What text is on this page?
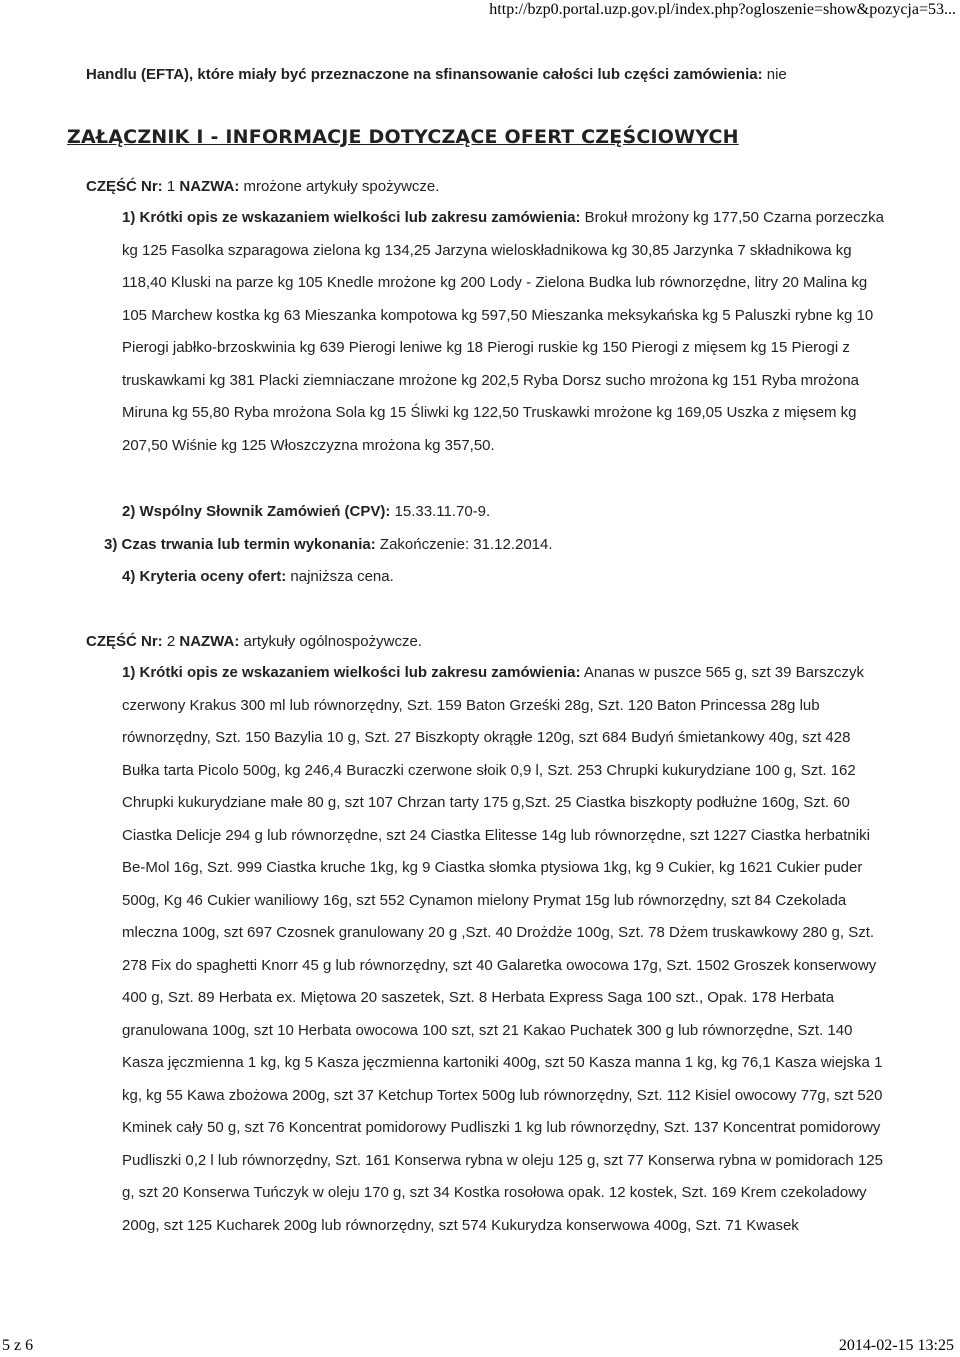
http://bzp0.portal.uzp.gov.pl/index.php?ogloszenie=show&pozycja=53...
Handlu (EFTA), które miały być przeznaczone na sfinansowanie całości lub części zamówienia: nie
ZAŁĄCZNIK I - INFORMACJE DOTYCZĄCE OFERT CZĘŚCIOWYCH
CZĘŚĆ Nr: 1 NAZWA: mrożone artykuły spożywcze.

1) Krótki opis ze wskazaniem wielkości lub zakresu zamówienia: Brokuł mrożony kg 177,50 Czarna porzeczka kg 125 Fasolka szparagowa zielona kg 134,25 Jarzyna wieloskładnikowa kg 30,85 Jarzynka 7 składnikowa kg 118,40 Kluski na parze kg 105 Knedle mrożone kg 200 Lody - Zielona Budka lub równorzędne, litry 20 Malina kg 105 Marchew kostka kg 63 Mieszanka kompotowa kg 597,50 Mieszanka meksykańska kg 5 Paluszki rybne kg 10 Pierogi jabłko-brzoskwinia kg 639 Pierogi leniwe kg 18 Pierogi ruskie kg 150 Pierogi z mięsem kg 15 Pierogi z truskawkami kg 381 Placki ziemniaczane mrożone kg 202,5 Ryba Dorsz sucho mrożona kg 151 Ryba mrożona Miruna kg 55,80 Ryba mrożona Sola kg 15 Śliwki kg 122,50 Truskawki mrożone kg 169,05 Uszka z mięsem kg 207,50 Wiśnie kg 125 Włoszczyzna mrożona kg 357,50.

2) Wspólny Słownik Zamówień (CPV): 15.33.11.70-9.
3) Czas trwania lub termin wykonania: Zakończenie: 31.12.2014.
4) Kryteria oceny ofert: najniższa cena.
CZĘŚĆ Nr: 2 NAZWA: artykuły ogólnospożywcze.

1) Krótki opis ze wskazaniem wielkości lub zakresu zamówienia: Ananas w puszce 565 g, szt 39 Barszczyk czerwony Krakus 300 ml lub równorzędny, Szt. 159 Baton Grześki 28g, Szt. 120 Baton Princessa 28g lub równorzędny, Szt. 150 Bazylia 10 g, Szt. 27 Biszkopty okrągłe 120g, szt 684 Budyń śmietankowy 40g, szt 428 Bułka tarta Picolo 500g, kg 246,4 Buraczki czerwone słoik 0,9 l, Szt. 253 Chrupki kukurydziane 100 g, Szt. 162 Chrupki kukurydziane małe 80 g, szt 107 Chrzan tarty 175 g,Szt. 25 Ciastka biszkopty podłużne 160g, Szt. 60 Ciastka Delicje 294 g lub równorzędne, szt 24 Ciastka Elitesse 14g lub równorzędne, szt 1227 Ciastka herbatniki Be-Mol 16g, Szt. 999 Ciastka kruche 1kg, kg 9 Ciastka słomka ptysiowa 1kg, kg 9 Cukier, kg 1621 Cukier puder 500g, Kg 46 Cukier waniliowy 16g, szt 552 Cynamon mielony Prymat 15g lub równorzędny, szt 84 Czekolada mleczna 100g, szt 697 Czosnek granulowany 20 g ,Szt. 40 Drożdże 100g, Szt. 78 Dżem truskawkowy 280 g, Szt. 278 Fix do spaghetti Knorr 45 g lub równorzędny, szt 40 Galaretka owocowa 17g, Szt. 1502 Groszek konserwowy 400 g, Szt. 89 Herbata ex. Miętowa 20 saszetek, Szt. 8 Herbata Express Saga 100 szt., Opak. 178 Herbata granulowana 100g, szt 10 Herbata owocowa 100 szt, szt 21 Kakao Puchatek 300 g lub równorzędne, Szt. 140 Kasza jęczmienna 1 kg, kg 5 Kasza jęczmienna kartoniki 400g, szt 50 Kasza manna 1 kg, kg 76,1 Kasza wiejska 1 kg, kg 55 Kawa zbożowa 200g, szt 37 Ketchup Tortex 500g lub równorzędny, Szt. 112 Kisiel owocowy 77g, szt 520 Kminek cały 50 g, szt 76 Koncentrat pomidorowy Pudliszki 1 kg lub równorzędny, Szt. 137 Koncentrat pomidorowy Pudliszki 0,2 l lub równorzędny, Szt. 161 Konserwa rybna w oleju 125 g, szt 77 Konserwa rybna w pomidorach 125 g, szt 20 Konserwa Tuńczyk w oleju 170 g, szt 34 Kostka rosołowa opak. 12 kostek, Szt. 169 Krem czekoladowy 200g, szt 125 Kucharek 200g lub równorzędny, szt 574 Kukurydza konserwowa 400g, Szt. 71 Kwasek

5 z 6	2014-02-15 13:25
